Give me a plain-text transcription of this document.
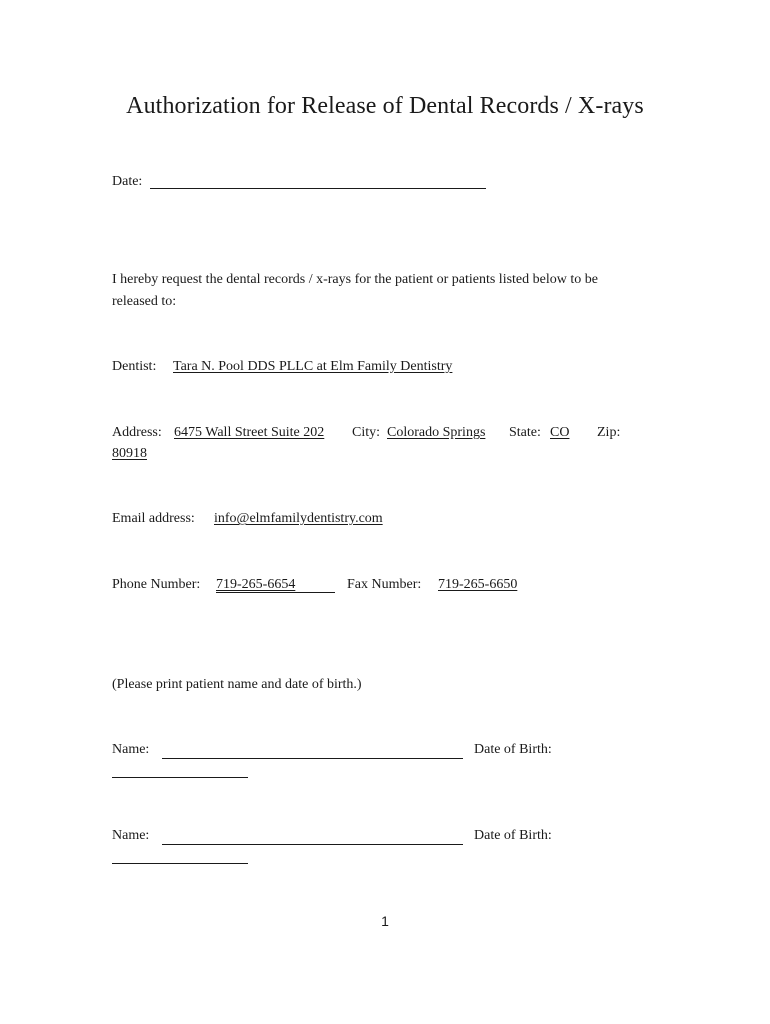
Authorization for Release of Dental Records / X-rays
Date:
I hereby request the dental records / x-rays for the patient or patients listed below to be
released to:
Dentist: Tara N. Pool DDS PLLC at Elm Family Dentistry
Address: 6475 Wall Street Suite 202 City: Colorado Springs State: CO Zip:
80918
Email address: info@elmfamilydentistry.com
Phone Number: 719-265-6654	Fax Number: 719-265-6650
(Please print patient name and date of birth.)
Name:	Date of Birth:
Name:	Date of Birth:
1
